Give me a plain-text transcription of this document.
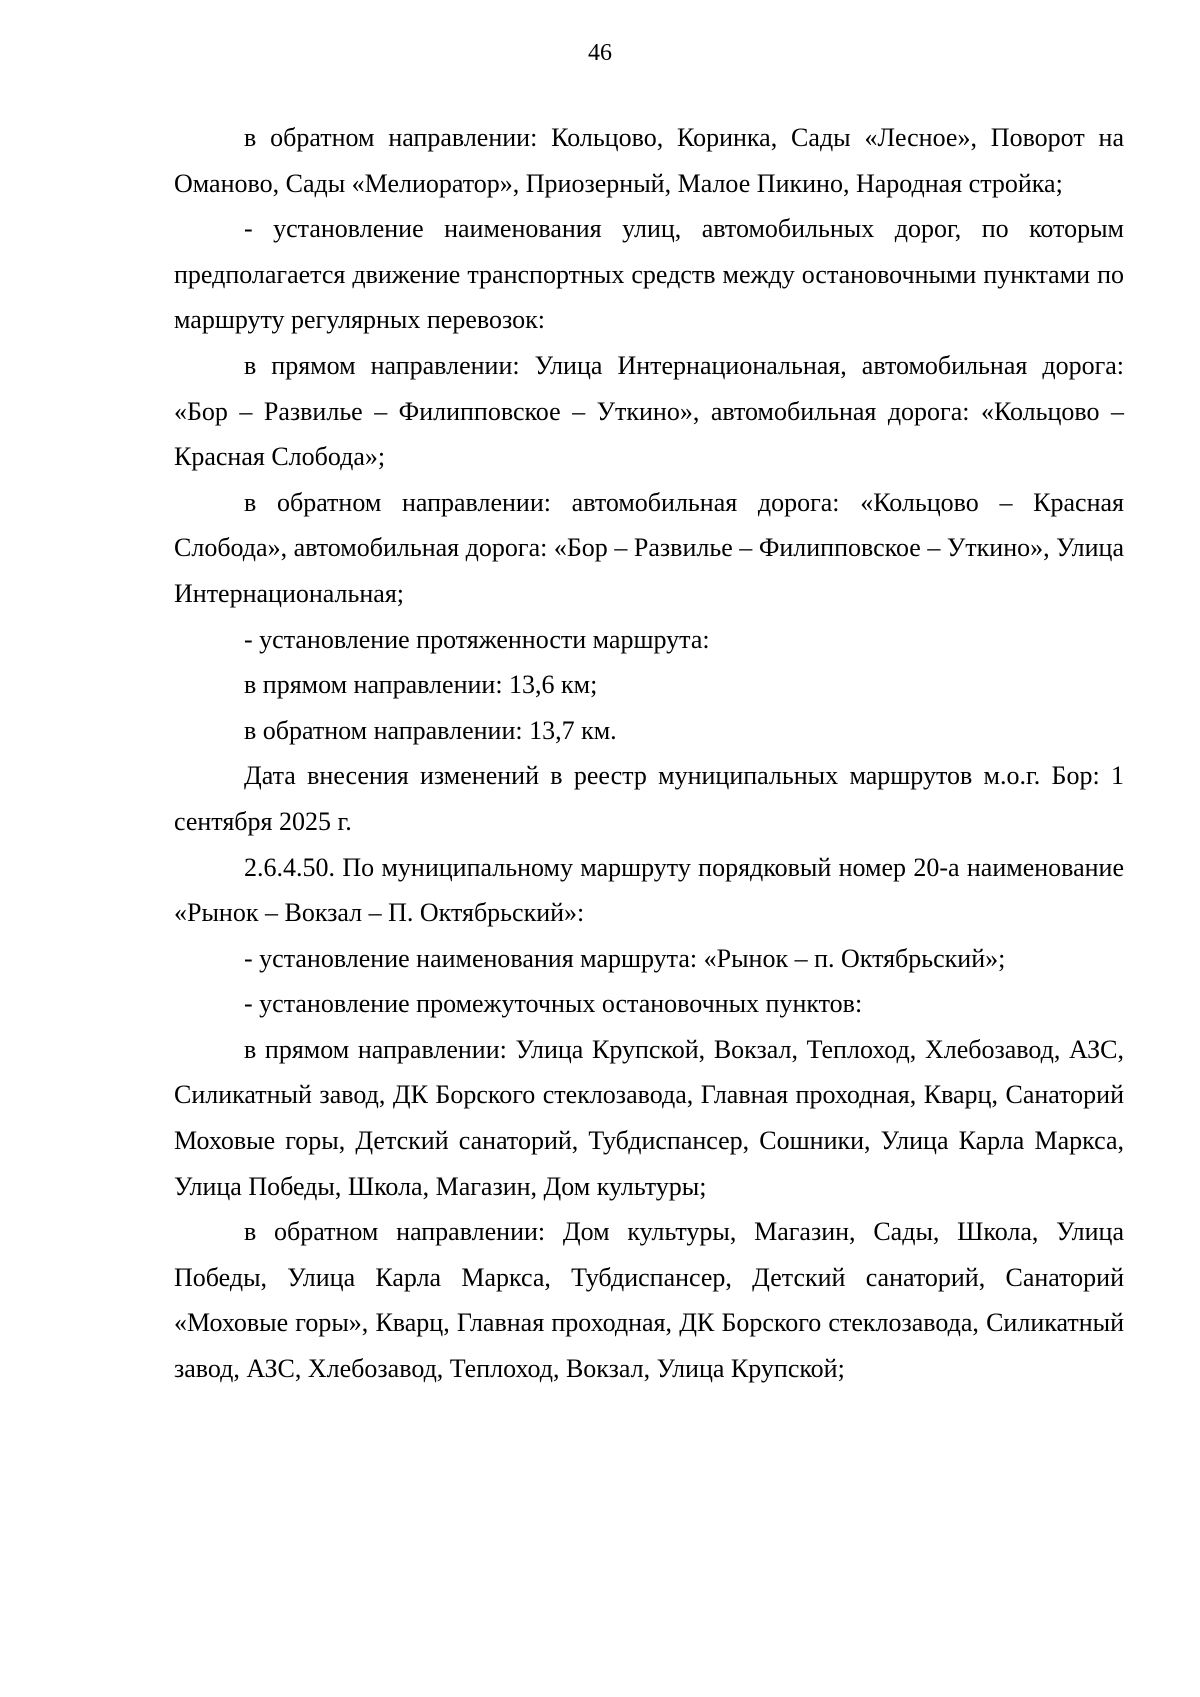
46

в обратном направлении: Кольцово, Коринка, Сады «Лесное», Поворот на Оманово, Сады «Мелиоратор», Приозерный, Малое Пикино, Народная стройка;

- установление наименования улиц, автомобильных дорог, по которым предполагается движение транспортных средств между остановочными пунктами по маршруту регулярных перевозок:

в прямом направлении: Улица Интернациональная, автомобильная дорога: «Бор – Развилье – Филипповское – Уткино», автомобильная дорога: «Кольцово – Красная Слобода»;

в обратном направлении: автомобильная дорога: «Кольцово – Красная Слобода», автомобильная дорога: «Бор – Развилье – Филипповское – Уткино», Улица Интернациональная;

- установление протяженности маршрута:

в прямом направлении: 13,6 км;

в обратном направлении: 13,7 км.

Дата внесения изменений в реестр муниципальных маршрутов м.о.г. Бор: 1 сентября 2025 г.

2.6.4.50. По муниципальному маршруту порядковый номер 20-а наименование «Рынок – Вокзал – П. Октябрьский»:

- установление наименования маршрута: «Рынок – п. Октябрьский»;

- установление промежуточных остановочных пунктов:

в прямом направлении: Улица Крупской, Вокзал, Теплоход, Хлебозавод, АЗС, Силикатный завод, ДК Борского стеклозавода, Главная проходная, Кварц, Санаторий Моховые горы, Детский санаторий, Тубдиспансер, Сошники, Улица Карла Маркса, Улица Победы, Школа, Магазин, Дом культуры;

в обратном направлении: Дом культуры, Магазин, Сады, Школа, Улица Победы, Улица Карла Маркса, Тубдиспансер, Детский санаторий, Санаторий «Моховые горы», Кварц, Главная проходная, ДК Борского стеклозавода, Силикатный завод, АЗС, Хлебозавод, Теплоход, Вокзал, Улица Крупской;
